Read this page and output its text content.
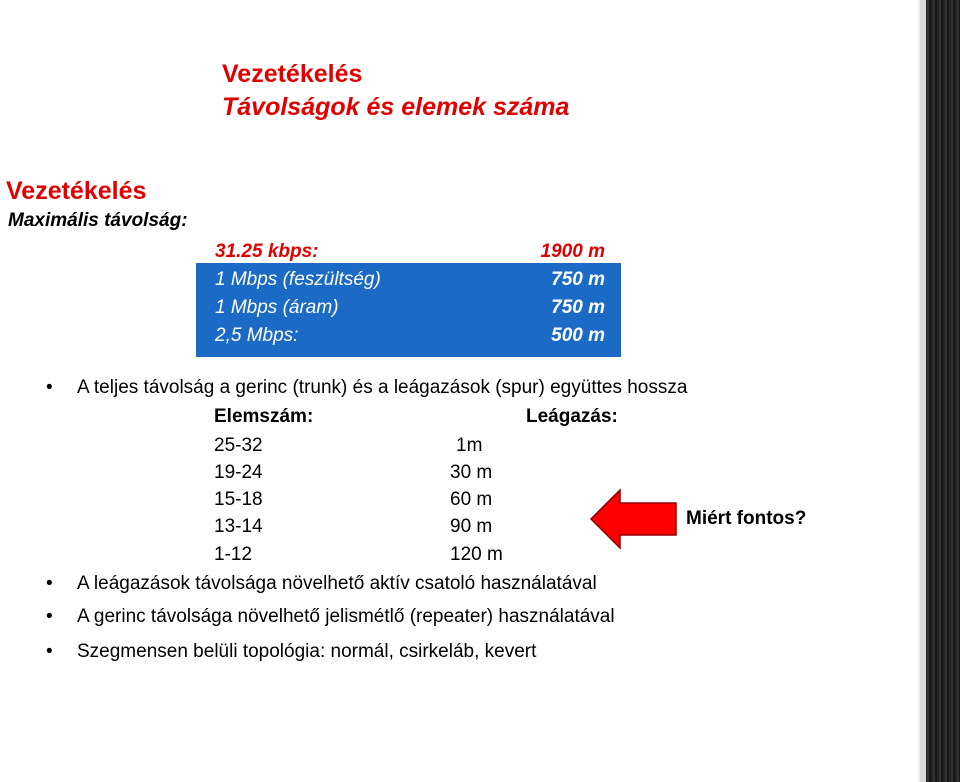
Vezetékelés
Távolságok és elemek száma
Vezetékelés
Maximális távolság:
31.25 kbps:	1900 m
1 Mbps (feszültség)	750 m
1 Mbps (áram)	750 m
2,5 Mbps:	500 m
• A teljes távolság a gerinc (trunk) és a leágazások (spur) együttes hossza
Elemszám:	Leágazás:
25-32	1m
19-24	30 m
15-18	60 m
13-14	90 m
1-12	120 m
Miért fontos?
• A leágazások távolsága növelhető aktív csatoló használatával
• A gerinc távolsága növelhető jelismétlő (repeater) használatával
• Szegmensen belüli topológia: normál, csirkeláb, kevert
